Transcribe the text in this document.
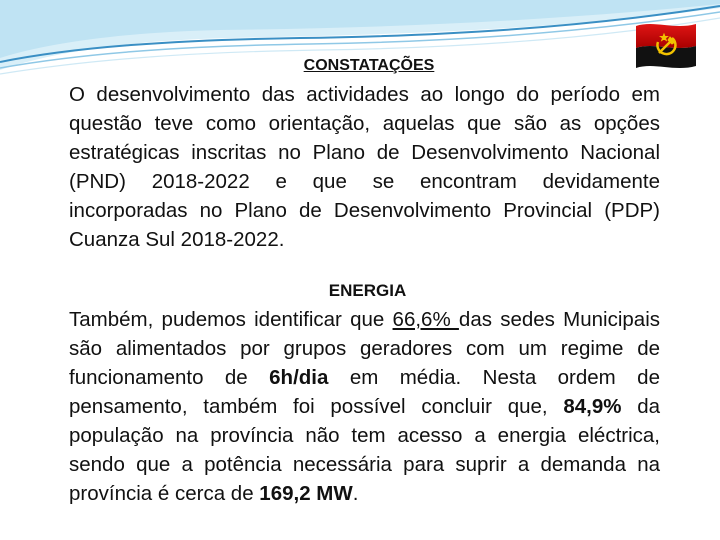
CONSTATAÇÕES

O desenvolvimento das actividades ao longo do período em questão teve como orientação, aquelas que são as opções estratégicas inscritas no Plano de Desenvolvimento Nacional (PND) 2018-2022 e que se encontram devidamente incorporadas no Plano de Desenvolvimento Provincial (PDP) Cuanza Sul 2018-2022.

ENERGIA

Também, pudemos identificar que 66,6% das sedes Municipais são alimentados por grupos geradores com um regime de funcionamento de 6h/dia em média. Nesta ordem de pensamento, também foi possível concluir que, 84,9% da população na província não tem acesso a energia eléctrica, sendo que a potência necessária para suprir a demanda na província é cerca de 169,2 MW.
